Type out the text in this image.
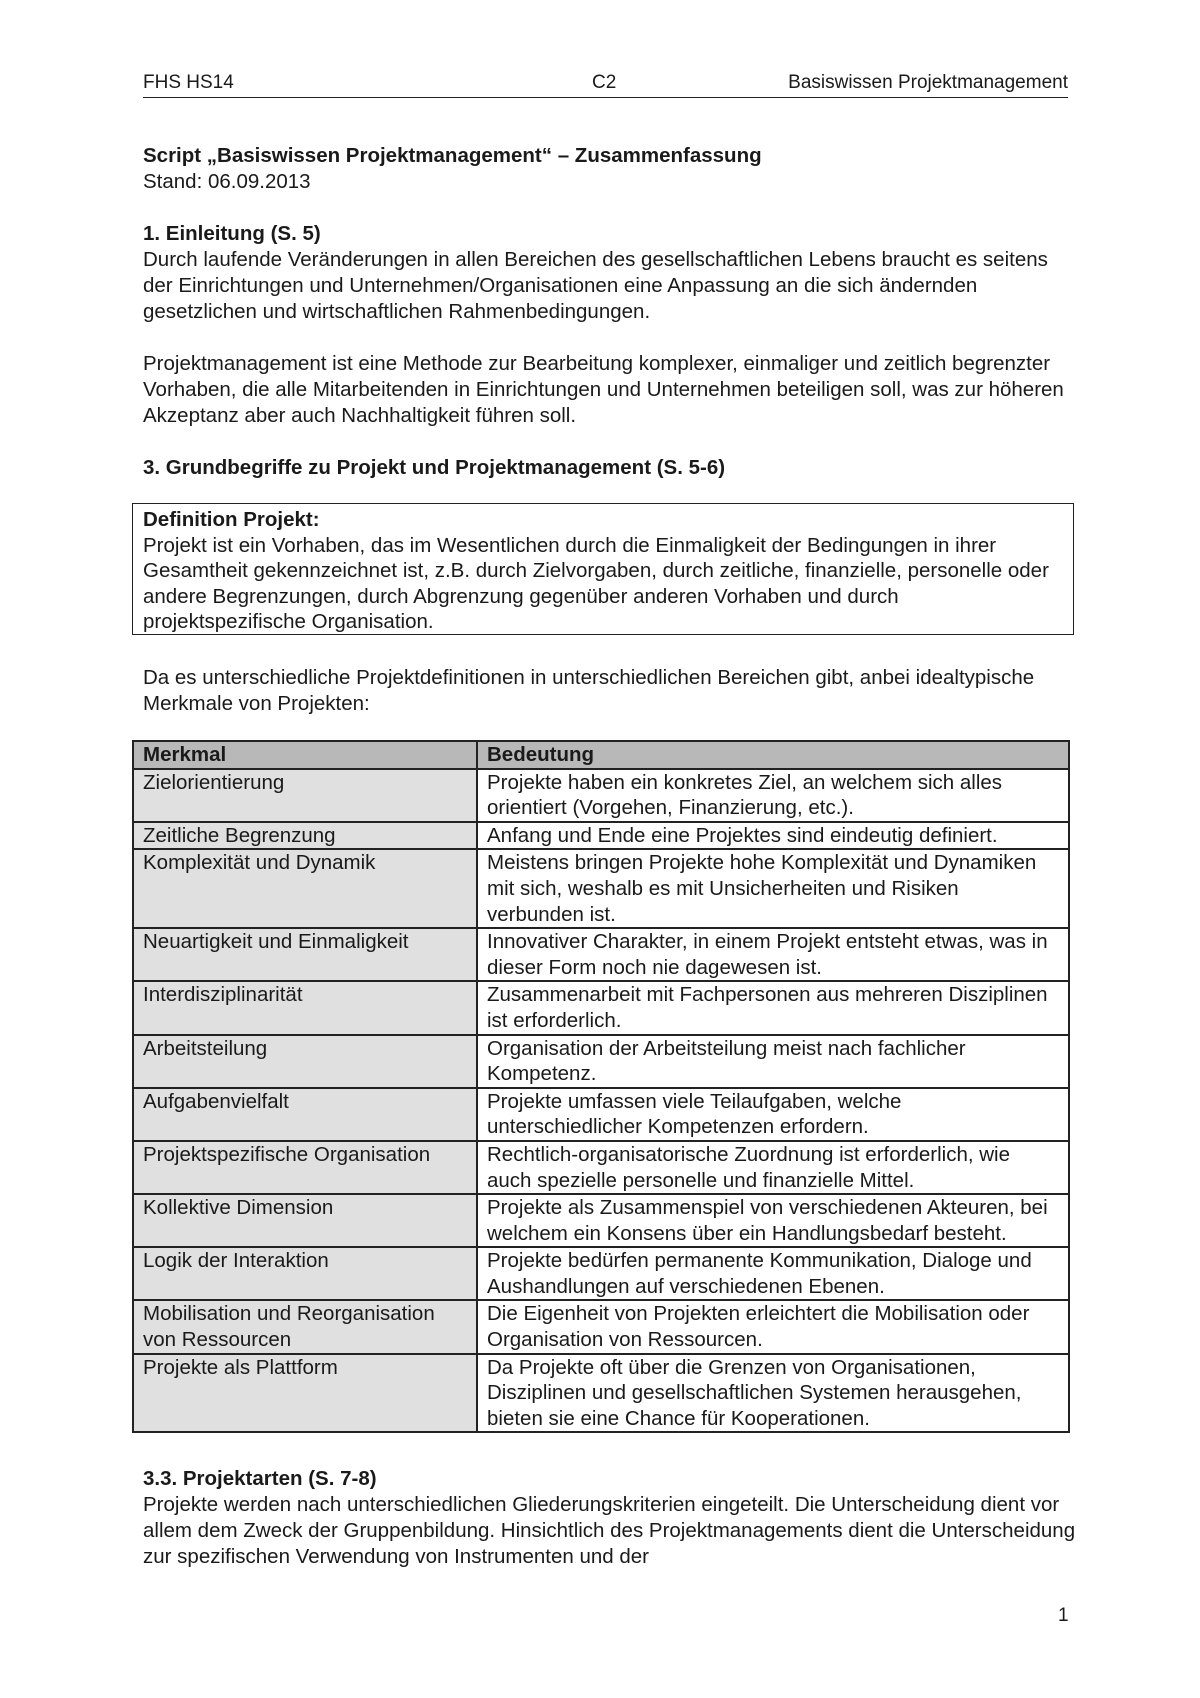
FHS HS14	C2	Basiswissen Projektmanagement
Script „Basiswissen Projektmanagement“ – Zusammenfassung
Stand: 06.09.2013
1. Einleitung (S. 5)
Durch laufende Veränderungen in allen Bereichen des gesellschaftlichen Lebens braucht es seitens der Einrichtungen und Unternehmen/Organisationen eine Anpassung an die sich ändernden gesetzlichen und wirtschaftlichen Rahmenbedingungen.
Projektmanagement ist eine Methode zur Bearbeitung komplexer, einmaliger und zeitlich begrenzter Vorhaben, die alle Mitarbeitenden in Einrichtungen und Unternehmen beteiligen soll, was zur höheren Akzeptanz aber auch Nachhaltigkeit führen soll.
3. Grundbegriffe zu Projekt und Projektmanagement (S. 5-6)
Definition Projekt:
Projekt ist ein Vorhaben, das im Wesentlichen durch die Einmaligkeit der Bedingungen in ihrer Gesamtheit gekennzeichnet ist, z.B. durch Zielvorgaben, durch zeitliche, finanzielle, personelle oder andere Begrenzungen, durch Abgrenzung gegenüber anderen Vorhaben und durch projektspezifische Organisation.
Da es unterschiedliche Projektdefinitionen in unterschiedlichen Bereichen gibt, anbei idealtypische Merkmale von Projekten:
Merkmal	Bedeutung
Zielorientierung	Projekte haben ein konkretes Ziel, an welchem sich alles orientiert (Vorgehen, Finanzierung, etc.).
Zeitliche Begrenzung	Anfang und Ende eine Projektes sind eindeutig definiert.
Komplexität und Dynamik	Meistens bringen Projekte hohe Komplexität und Dynamiken mit sich, weshalb es mit Unsicherheiten und Risiken verbunden ist.
Neuartigkeit und Einmaligkeit	Innovativer Charakter, in einem Projekt entsteht etwas, was in dieser Form noch nie dagewesen ist.
Interdisziplinarität	Zusammenarbeit mit Fachpersonen aus mehreren Disziplinen ist erforderlich.
Arbeitsteilung	Organisation der Arbeitsteilung meist nach fachlicher Kompetenz.
Aufgabenvielfalt	Projekte umfassen viele Teilaufgaben, welche unterschiedlicher Kompetenzen erfordern.
Projektspezifische Organisation	Rechtlich-organisatorische Zuordnung ist erforderlich, wie auch spezielle personelle und finanzielle Mittel.
Kollektive Dimension	Projekte als Zusammenspiel von verschiedenen Akteuren, bei welchem ein Konsens über ein Handlungsbedarf besteht.
Logik der Interaktion	Projekte bedürfen permanente Kommunikation, Dialoge und Aushandlungen auf verschiedenen Ebenen.
Mobilisation und Reorganisation von Ressourcen	Die Eigenheit von Projekten erleichtert die Mobilisation oder Organisation von Ressourcen.
Projekte als Plattform	Da Projekte oft über die Grenzen von Organisationen, Disziplinen und gesellschaftlichen Systemen herausgehen, bieten sie eine Chance für Kooperationen.
3.3. Projektarten (S. 7-8)
Projekte werden nach unterschiedlichen Gliederungskriterien eingeteilt. Die Unterscheidung dient vor allem dem Zweck der Gruppenbildung. Hinsichtlich des Projektmanagements dient die Unterscheidung zur spezifischen Verwendung von Instrumenten und der
1
